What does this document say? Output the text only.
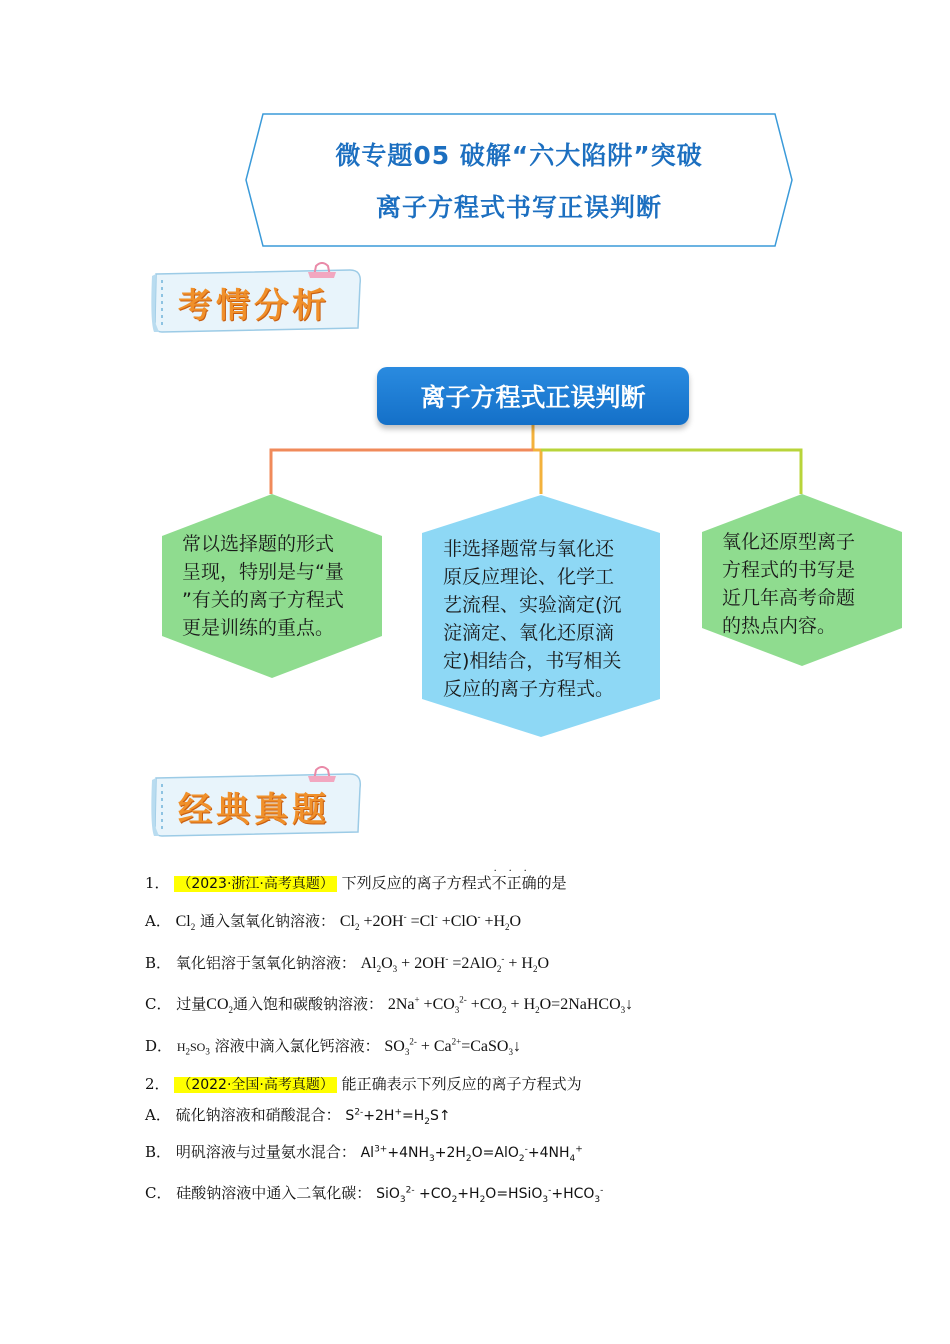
微专题05 破解“六大陷阱”突破
离子方程式书写正误判断
考情分析
离子方程式正误判断
常以选择题的形式
呈现，特别是与“量
”有关的离子方程式
更是训练的重点。
非选择题常与氧化还
原反应理论、化学工
艺流程、实验滴定(沉
淀滴定、氧化还原滴
定)相结合，书写相关
反应的离子方程式。
氧化还原型离子
方程式的书写是
近几年高考命题
的热点内容。
经典真题
1． （2023·浙江·高考真题） 下列反应的离子方程式不正确
· · ·
的是
A． $Cl_2$ 通入氢氧化钠溶液： $Cl_2 +2OH^- =Cl^- +ClO^- +H_2O$
B． 氧化铝溶于氢氧化钠溶液： $Al_2O_3 + 2OH^- =2AlO_2^- + H_2O$
C． 过量$CO_2$通入饱和碳酸钠溶液： $2Na^+ +CO_3^{2-} +CO_2$ + $H_2O=2NaHCO_3↓$
D． $H_2SO_3$ 溶液中滴入氯化钙溶液： $SO_3^{2-}$ + $Ca^{2+}=CaSO_3↓$
2． （2022·全国·高考真题） 能正确表示下列反应的离子方程式为
A． 硫化钠溶液和硝酸混合： $S^{2-}+2H^+=H_2S↑$
B． 明矾溶液与过量氨水混合： $Al^{3+}+4NH_3+2H_2O=AlO_2^-+4NH_4^+$
C． 硅酸钠溶液中通入二氧化碳： $SiO_3^{2-} +CO_2+H_2O=HSiO_3^-+HCO_3^-$
